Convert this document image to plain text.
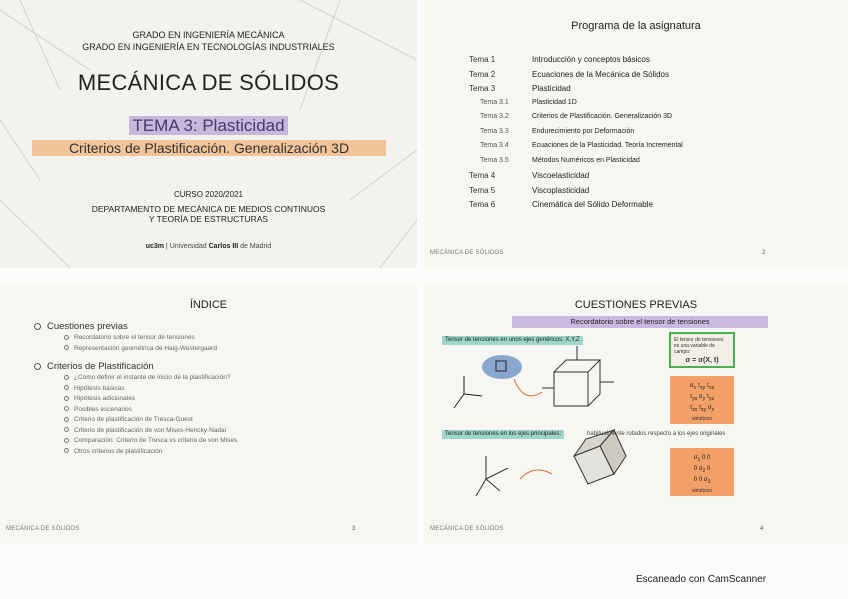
GRADO EN INGENIERÍA MECÁNICA
GRADO EN INGENIERÍA EN TECNOLOGÍAS INDUSTRIALES
MECÁNICA DE SÓLIDOS
TEMA 3: Plasticidad
Criterios de Plastificación. Generalización 3D
CURSO 2020/2021
DEPARTAMENTO DE MECÁNICA DE MEDIOS CONTINUOS
Y TEORÍA DE ESTRUCTURAS
uc3m | Universidad Carlos III de Madrid
Programa de la asignatura
Tema 1	Introducción y conceptos básicos
Tema 2	Ecuaciones de la Mecánica de Sólidos
Tema 3	Plasticidad
Tema 3.1	Plasticidad 1D
Tema 3.2	Criterios de Plastificación. Generalización 3D
Tema 3.3	Endurecimiento por Deformación
Tema 3.4	Ecuaciones de la Plasticidad. Teoría Incremental
Tema 3.5	Métodos Numéricos en Plasticidad
Tema 4	Viscoelasticidad
Tema 5	Viscoplasticidad
Tema 6	Cinemática del Sólido Deformable
MECÁNICA DE SÓLIDOS	2
ÍNDICE
Cuestiones previas
Recordatorio sobre el tensor de tensiones
Representación geométrica de Haig-Westergaard
Criterios de Plastificación
¿Cómo definir el instante de inicio de la plastificación?
Hipótesis básicas
Hipótesis adicionales
Posibles escenarios
Criterio de plastificación de Tresca-Guest
Criterio de plastificación de von Mises-Hencky-Nadai
Comparación: Criterio de Tresca vs criterio de von Mises
Otros criterios de plastificación
MECÁNICA DE SÓLIDOS	3
CUESTIONES PREVIAS
Recordatorio sobre el tensor de tensiones
Tensor de tensiones en unos ejes genéricos: X,Y,Z	El tensor de tensiones es una variable de campo:
σ = σ(X, t)
$\sigma_x$ $\tau_{xy}$ $\tau_{xz}$
$\tau_{yx}$ $\sigma_y$ $\tau_{yz}$
$\tau_{zx}$ $\tau_{zy}$ $\sigma_z$
simétrico
Tensor de tensiones en los ejes principales:	habitualmente rotados respecto a los ejes originales
$\sigma_1$ 0 0
0 $\sigma_2$ 0
0 0 $\sigma_3$
simétrico
MECÁNICA DE SÓLIDOS	4
Escaneado con CamScanner
